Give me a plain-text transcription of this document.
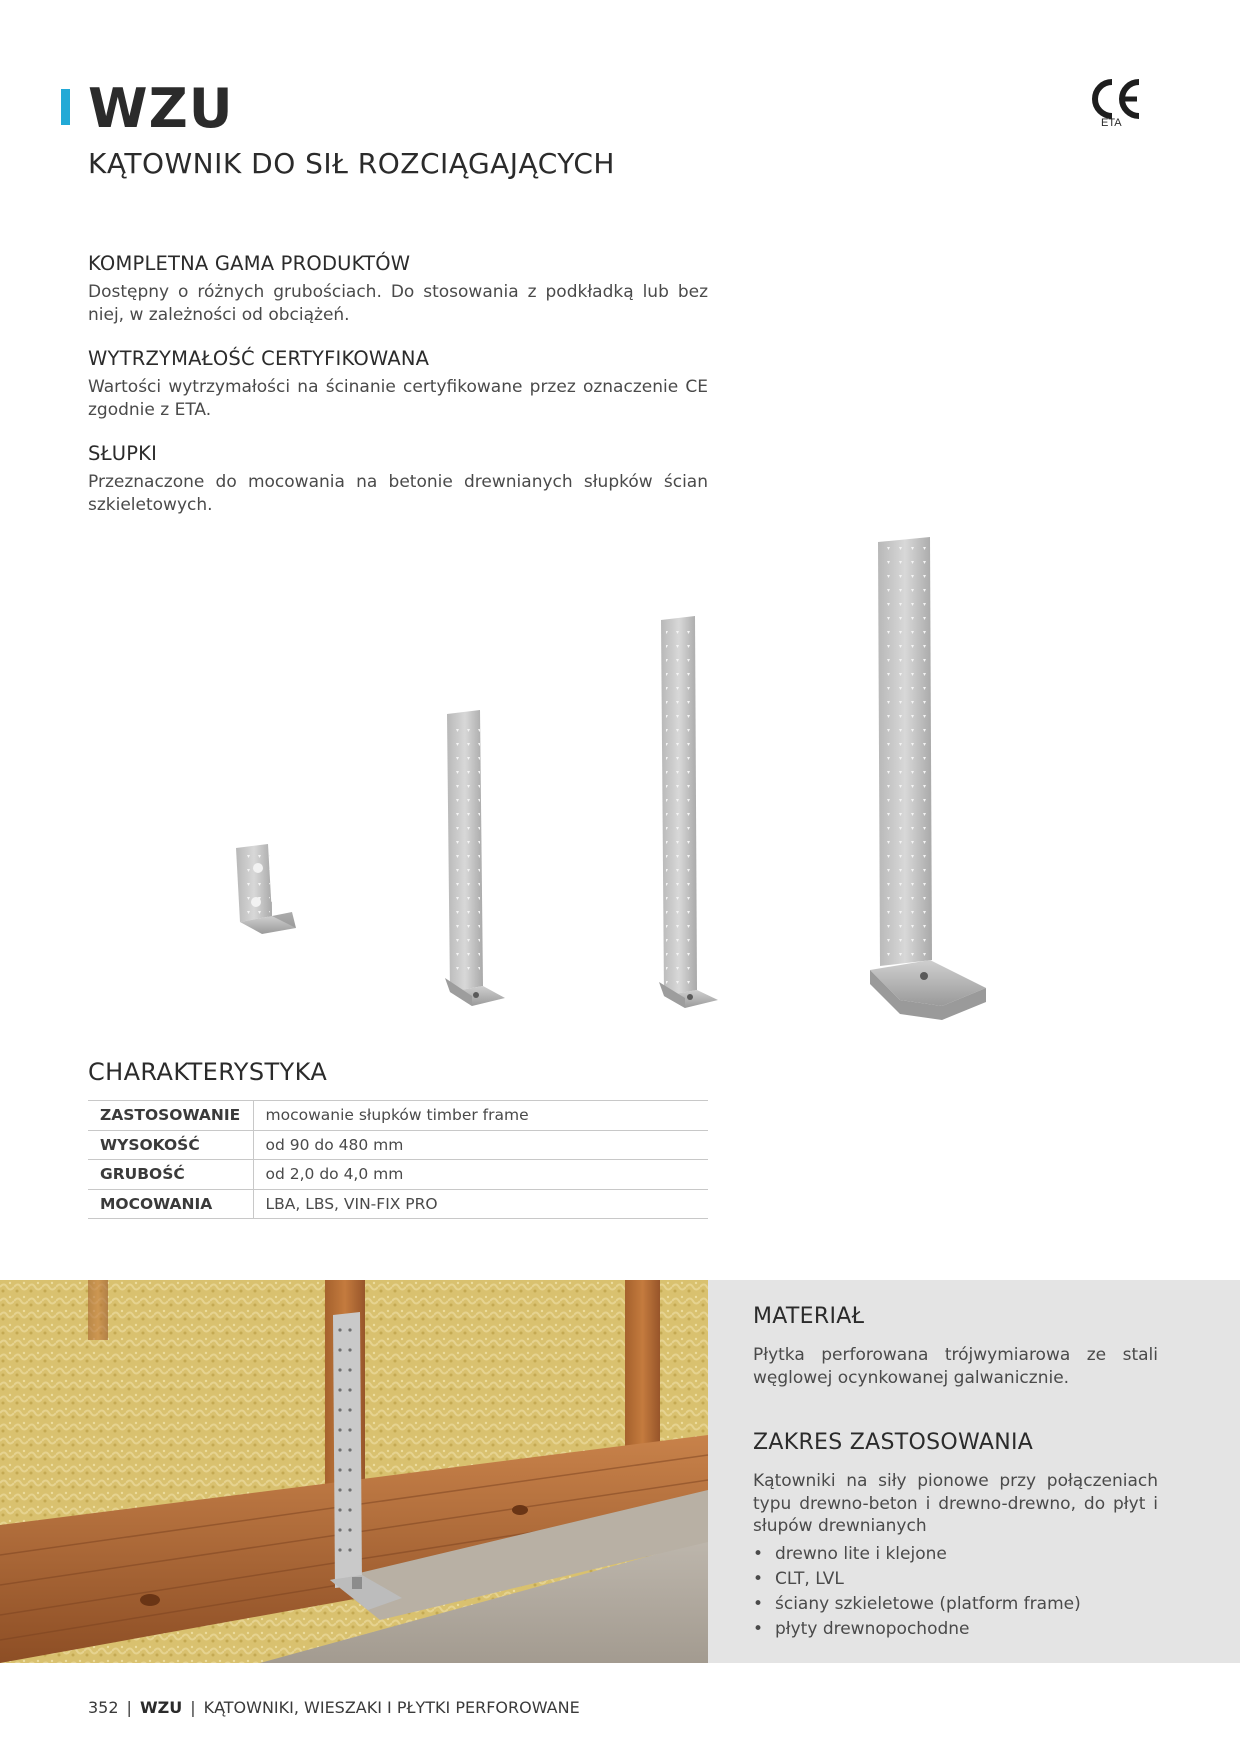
WZU
KĄTOWNIK DO SIŁ ROZCIĄGAJĄCYCH
ETA
KOMPLETNA GAMA PRODUKTÓW

Dostępny o różnych grubościach. Do stosowania z podkładką lub bez niej, w zależności od obciążeń.

WYTRZYMAŁOŚĆ CERTYFIKOWANA

Wartości wytrzymałości na ścinanie certyfikowane przez oznaczenie CE zgodnie z ETA.

SŁUPKI

Przeznaczone do mocowania na betonie drewnianych słupków ścian szkieletowych.

CHARAKTERYSTYKA
ZASTOSOWANIE	mocowanie słupków timber frame
WYSOKOŚĆ	od 90 do 480 mm
GRUBOŚĆ	od 2,0 do 4,0 mm
MOCOWANIA	LBA, LBS, VIN-FIX PRO
MATERIAŁ
Płytka perforowana trójwymiarowa ze stali węglowej ocynkowanej galwanicznie.
ZAKRES ZASTOSOWANIA
Kątowniki na siły pionowe przy połączeniach typu drewno-beton i drewno-drewno, do płyt i słupów drewnianych
• drewno lite i klejone
• CLT, LVL
• ściany szkieletowe (platform frame)
• płyty drewnopochodne
352 | WZU | KĄTOWNIKI, WIESZAKI I PŁYTKI PERFOROWANE
